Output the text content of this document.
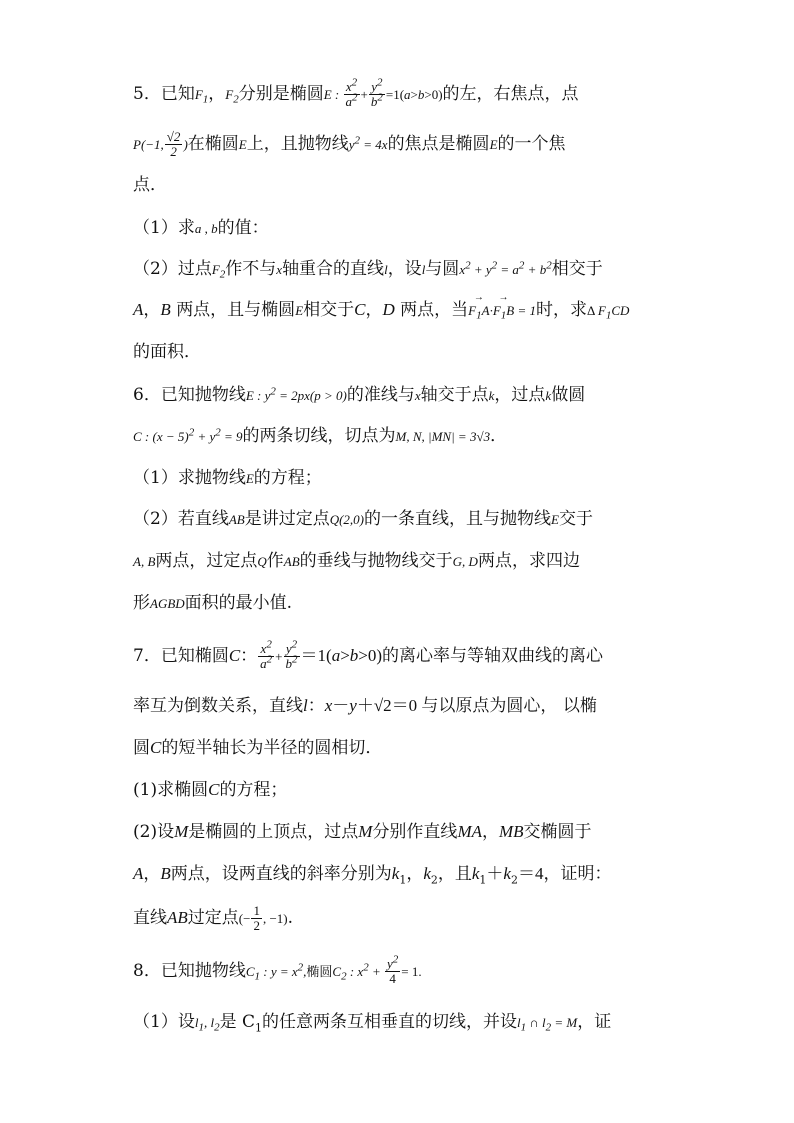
5．已知$F_1$，$F_2$分别是椭圆E : $\frac{x^2}{a^2} + \frac{y^2}{b^2} =1(a>b>0)$的左，右焦点，点
P(−1, $\frac{√2}{2}$ )在椭圆E上，且抛物线$y^2 = 4x$的焦点是椭圆E的一个焦
点．
（1）求a , b的值：
（2）过点$F_2$作不与x轴重合的直线l，设l与圆$x^2 + y^2 = a^2 + b^2$相交于
A，B 两点，且与椭圆E相交于C，D 两点，当→ $F_1A\cdot\to F_1B = 1$时，求Δ $F_1CD$
的面积．
6．已知抛物线E : $y^2 = 2px(p > 0)$的准线与x轴交于点k，过点k做圆
C : $(x - 5)^2 + y^2 = 9$的两条切线，切点为M, N, |MN| = 3√3．
（1）求抛物线E的方程；
（2）若直线AB是讲过定点Q(2,0)的一条直线，且与抛物线E交于
A, B两点，过定点Q作AB的垂线与抛物线交于G, D两点，求四边
形AGBD面积的最小值.
7．已知椭圆C： $\frac{x^2}{a^2} + \frac{y^2}{b^2} =1(a>b>0)$的离心率与等轴双曲线的离心
率互为倒数关系，直线l：x－y＋√2＝0 与以原点为圆心， 以椭
圆C的短半轴长为半径的圆相切．
(1)求椭圆C的方程；
(2)设M是椭圆的上顶点，过点M分别作直线MA，MB交椭圆于
A，B两点，设两直线的斜率分别为$k_1$，$k_2$，且$k_1+k_2=4$，证明：
直线AB过定点(− $\frac{1}{2}$ , −1).
8．已知抛物线$C_1$ : $y = x^2$,椭圆$C_2$ : $x^2 + \frac{y^2}{4} = 1$.
（1）设$l_1$, $l_2$是 $C_1$的任意两条互相垂直的切线，并设$l_1$ ∩ $l_2 = M$，证
